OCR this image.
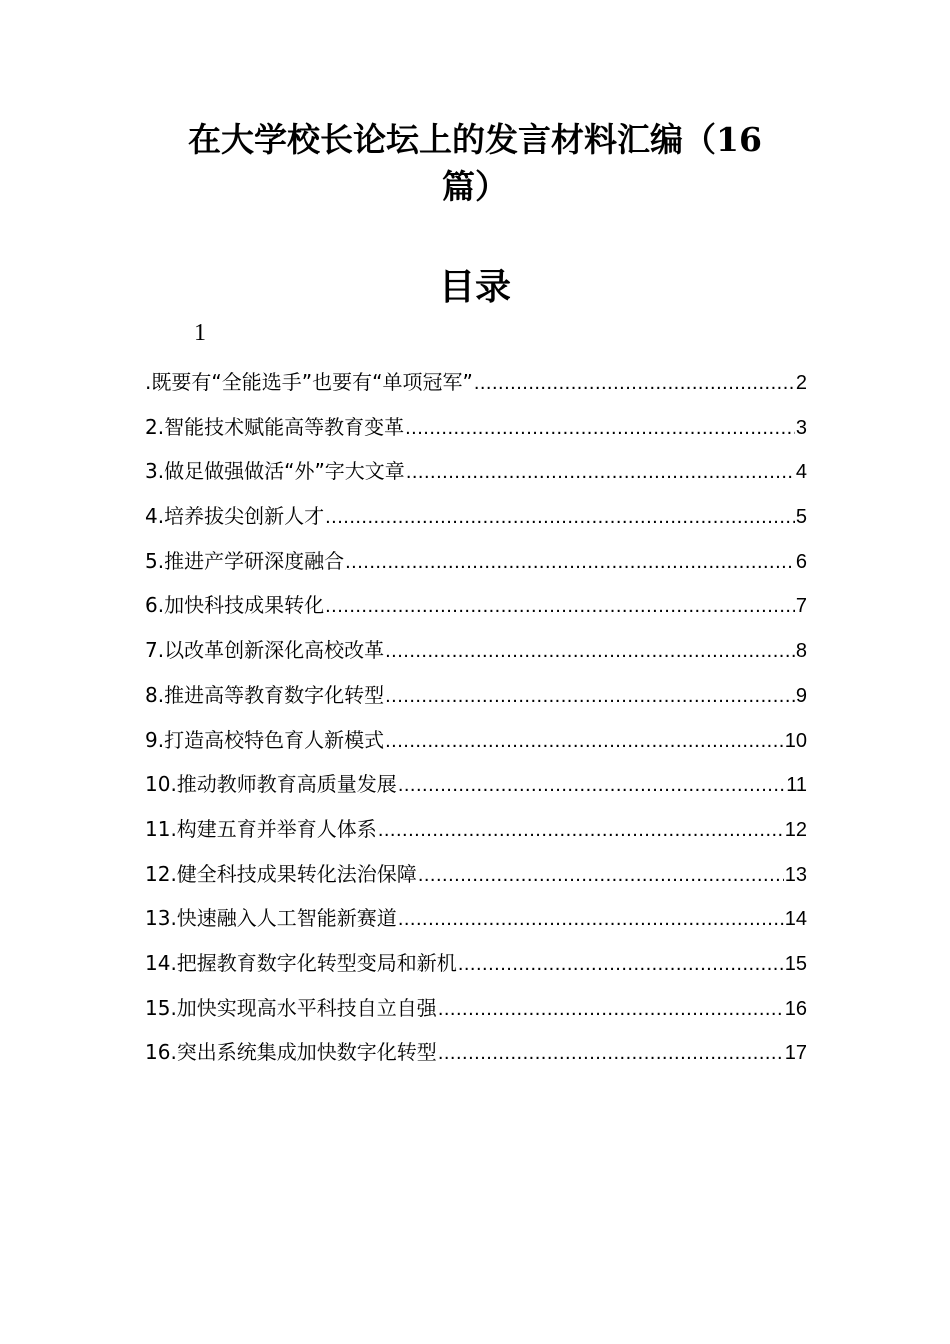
在大学校长论坛上的发言材料汇编（16
篇）
目录
1
.既要有“全能选手”也要有“单项冠军” .....	2
2.智能技术赋能高等教育变革 .....	3
3.做足做强做活“外”字大文章 .....	4
4.培养拔尖创新人才 .....	5
5.推进产学研深度融合 .....	6
6.加快科技成果转化 .....	7
7.以改革创新深化高校改革 .....	8
8.推进高等教育数字化转型 .....	9
9.打造高校特色育人新模式 .....	10
10.推动教师教育高质量发展 .....	11
11.构建五育并举育人体系 .....	12
12.健全科技成果转化法治保障 .....	13
13.快速融入人工智能新赛道 .....	14
14.把握教育数字化转型变局和新机 .....	15
15.加快实现高水平科技自立自强 .....	16
16.突出系统集成加快数字化转型 .....	17
